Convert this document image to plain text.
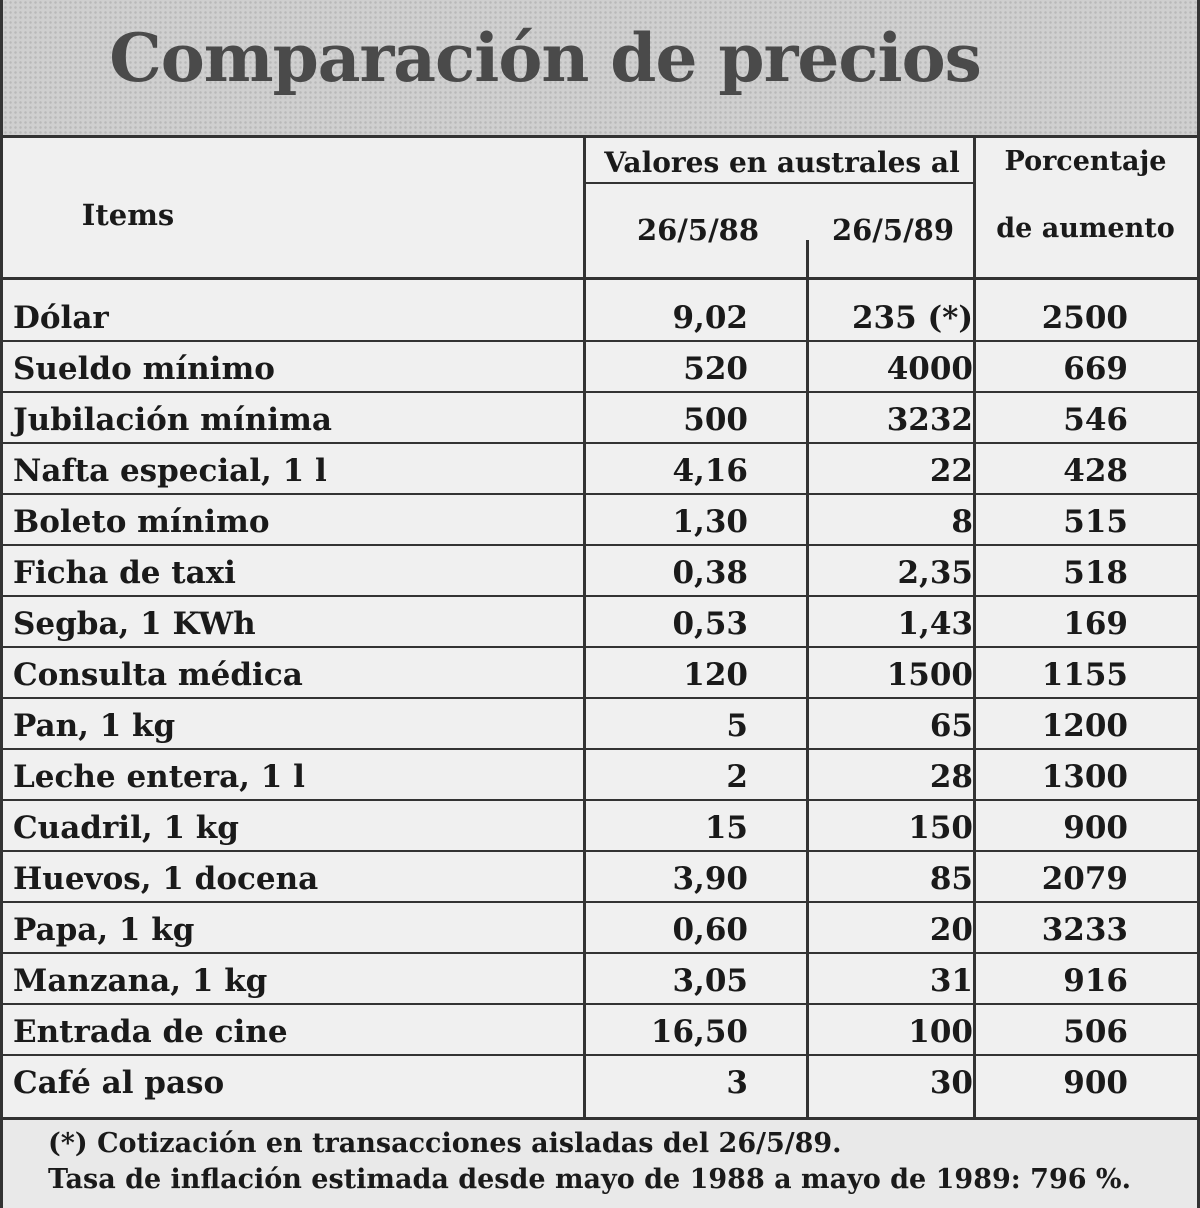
Comparación de precios
Items
Valores en australes al
26/5/88	26/5/89
Porcentaje
de aumento
Dólar	9,02	235 (*)	2500
Sueldo mínimo	520	4000	669
Jubilación mínima	500	3232	546
Nafta especial, 1 l	4,16	22	428
Boleto mínimo	1,30	8	515
Ficha de taxi	0,38	2,35	518
Segba, 1 KWh	0,53	1,43	169
Consulta médica	120	1500	1155
Pan, 1 kg	5	65	1200
Leche entera, 1 l	2	28	1300
Cuadril, 1 kg	15	150	900
Huevos, 1 docena	3,90	85	2079
Papa, 1 kg	0,60	20	3233
Manzana, 1 kg	3,05	31	916
Entrada de cine	16,50	100	506
Café al paso	3	30	900
(*) Cotización en transacciones aisladas del 26/5/89.
Tasa de inflación estimada desde mayo de 1988 a mayo de 1989: 796 %.
